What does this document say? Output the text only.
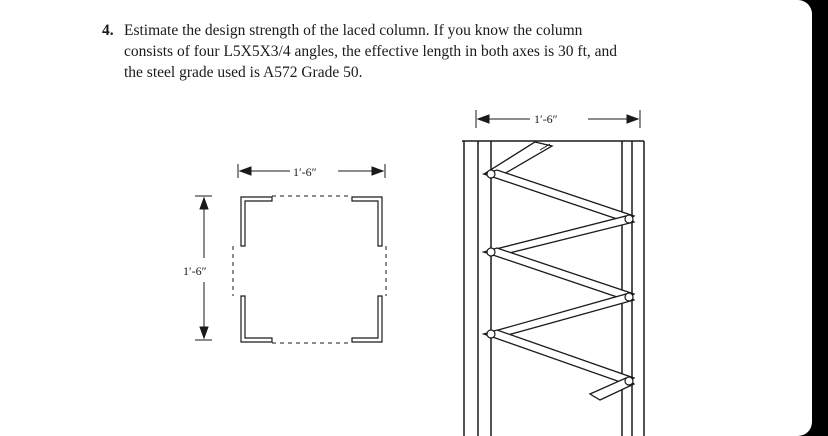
4. Estimate the design strength of the laced column. If you know the column
consists of four L5X5X3/4 angles, the effective length in both axes is 30 ft, and
the steel grade used is A572 Grade 50.
1′-6″
1′-6″
1′-6″
